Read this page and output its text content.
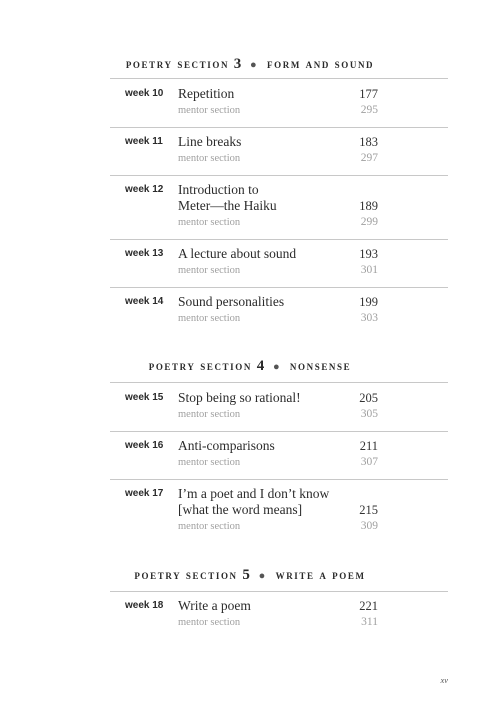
poetry section 3 ● form and sound
week 10 Repetition	177
mentor section	295
week 11 Line breaks	183
mentor section	297
week 12 Introduction to
Meter—the Haiku	189
mentor section	299
week 13 A lecture about sound	193
mentor section	301
week 14 Sound personalities	199
mentor section	303
poetry section 4 ● nonsense
week 15 Stop being so rational!	205
mentor section	305
week 16 Anti-comparisons	211
mentor section	307
week 17 I’m a poet and I don’t know
[what the word means]	215
mentor section	309
poetry section 5 ● write a poem
week 18 Write a poem	221
mentor section	311
xv
